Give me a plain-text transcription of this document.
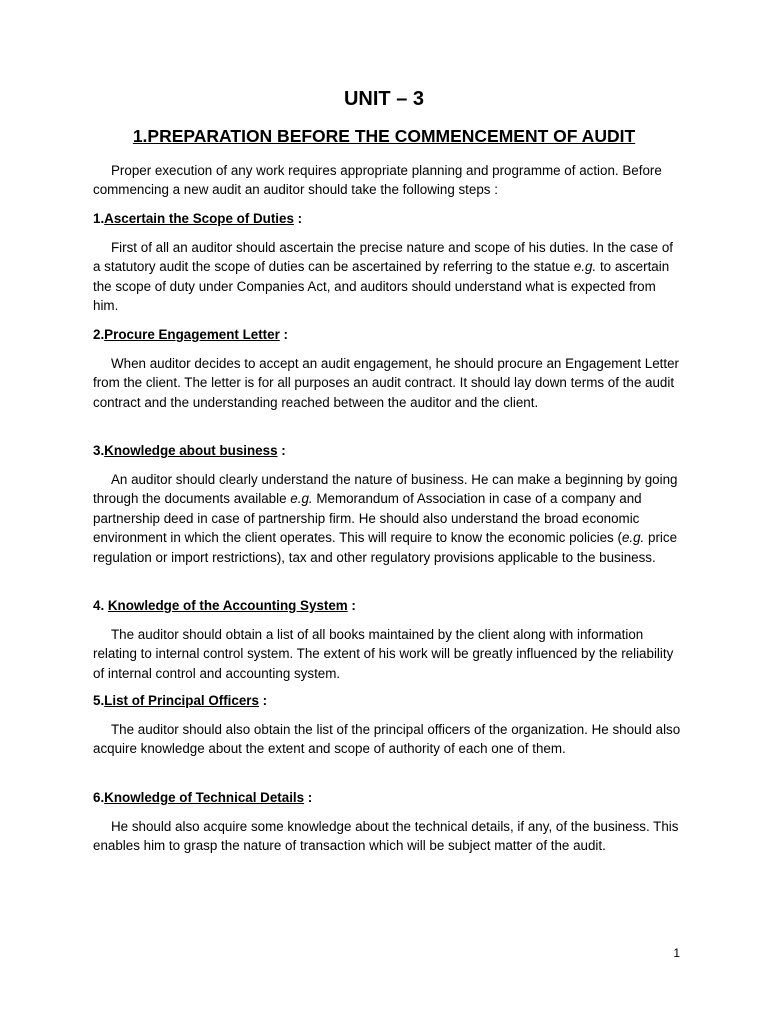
UNIT – 3
1.PREPARATION BEFORE THE COMMENCEMENT OF AUDIT

Proper execution of any work requires appropriate planning and programme of action. Before commencing a new audit an auditor should take the following steps :

1.Ascertain the Scope of Duties :

First of all an auditor should ascertain the precise nature and scope of his duties. In the case of a statutory audit the scope of duties can be ascertained by referring to the statue e.g. to ascertain the scope of duty under Companies Act, and auditors should understand what is expected from him.

2.Procure Engagement Letter :

When auditor decides to accept an audit engagement, he should procure an Engagement Letter from the client. The letter is for all purposes an audit contract. It should lay down terms of the audit contract and the understanding reached between the auditor and the client.

3.Knowledge about business :

An auditor should clearly understand the nature of business. He can make a beginning by going through the documents available e.g. Memorandum of Association in case of a company and partnership deed in case of partnership firm. He should also understand the broad economic environment in which the client operates. This will require to know the economic policies (e.g. price regulation or import restrictions), tax and other regulatory provisions applicable to the business.

4. Knowledge of the Accounting System :

The auditor should obtain a list of all books maintained by the client along with information relating to internal control system. The extent of his work will be greatly influenced by the reliability of internal control and accounting system.

5.List of Principal Officers :

The auditor should also obtain the list of the principal officers of the organization. He should also acquire knowledge about the extent and scope of authority of each one of them.

6.Knowledge of Technical Details :

He should also acquire some knowledge about the technical details, if any, of the business. This enables him to grasp the nature of transaction which will be subject matter of the audit.

1
